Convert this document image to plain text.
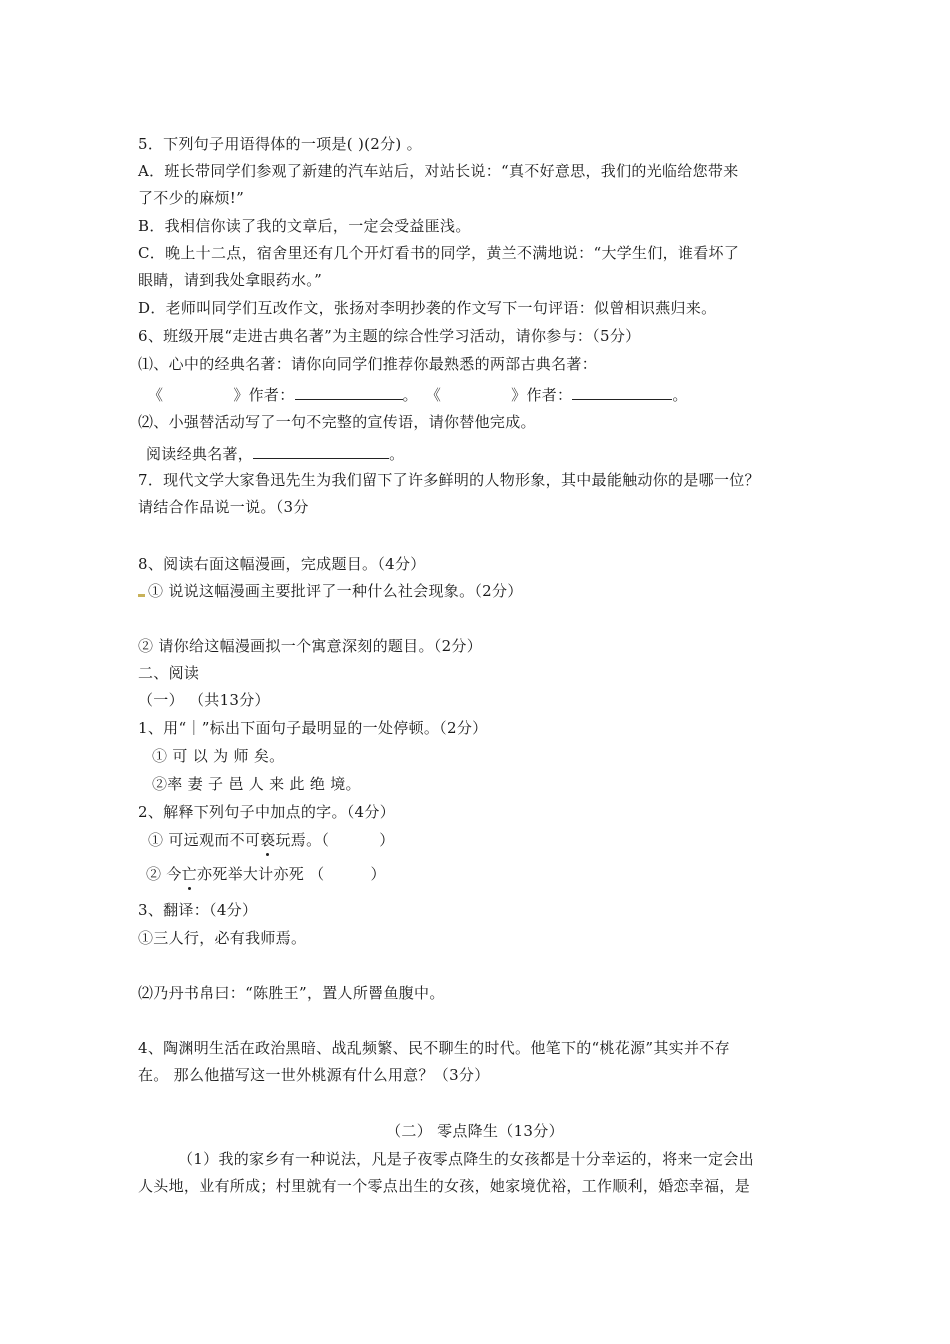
5．下列句子用语得体的一项是( )(2分) 。
A．班长带同学们参观了新建的汽车站后，对站长说：“真不好意思，我们的光临给您带来
了不少的麻烦!”
B．我相信你读了我的文章后，一定会受益匪浅。
C．晚上十二点，宿舍里还有几个开灯看书的同学，黄兰不满地说：“大学生们，谁看坏了
眼睛，请到我处拿眼药水。”
D．老师叫同学们互改作文，张扬对李明抄袭的作文写下一句评语：似曾相识燕归来。
6、班级开展“走进古典名著”为主题的综合性学习活动，请你参与：（5分）
⑴、心中的经典名著：请你向同学们推荐你最熟悉的两部古典名著：
《	》作者：	。 《	》作者：	。
⑵、小强替活动写了一句不完整的宣传语，请你替他完成。
阅读经典名著，	。
7．现代文学大家鲁迅先生为我们留下了许多鲜明的人物形象，其中最能触动你的是哪一位？
请结合作品说一说。（3分
8、阅读右面这幅漫画，完成题目。（4分）
① 说说这幅漫画主要批评了一种什么社会现象。（2分）
② 请你给这幅漫画拟一个寓意深刻的题目。（2分）
二、阅读
（一） （共13分）
1、用“｜”标出下面句子最明显的一处停顿。（2分）
① 可 以 为 师 矣。
②率 妻 子 邑 人 来 此 绝 境。
2、解释下列句子中加点的字。（4分）
① 可远观而不可亵玩焉。（	）
② 今亡亦死举大计亦死 （	）
3、翻译：（4分）
①三人行，必有我师焉。
⑵乃丹书帛曰：“陈胜王”，置人所罾鱼腹中。
4、陶渊明生活在政治黑暗、战乱频繁、民不聊生的时代。他笔下的“桃花源”其实并不存
在。 那么他描写这一世外桃源有什么用意？（3分）
（二） 零点降生（13分）
（1）我的家乡有一种说法，凡是子夜零点降生的女孩都是十分幸运的，将来一定会出
人头地，业有所成；村里就有一个零点出生的女孩，她家境优裕，工作顺利，婚恋幸福，是
